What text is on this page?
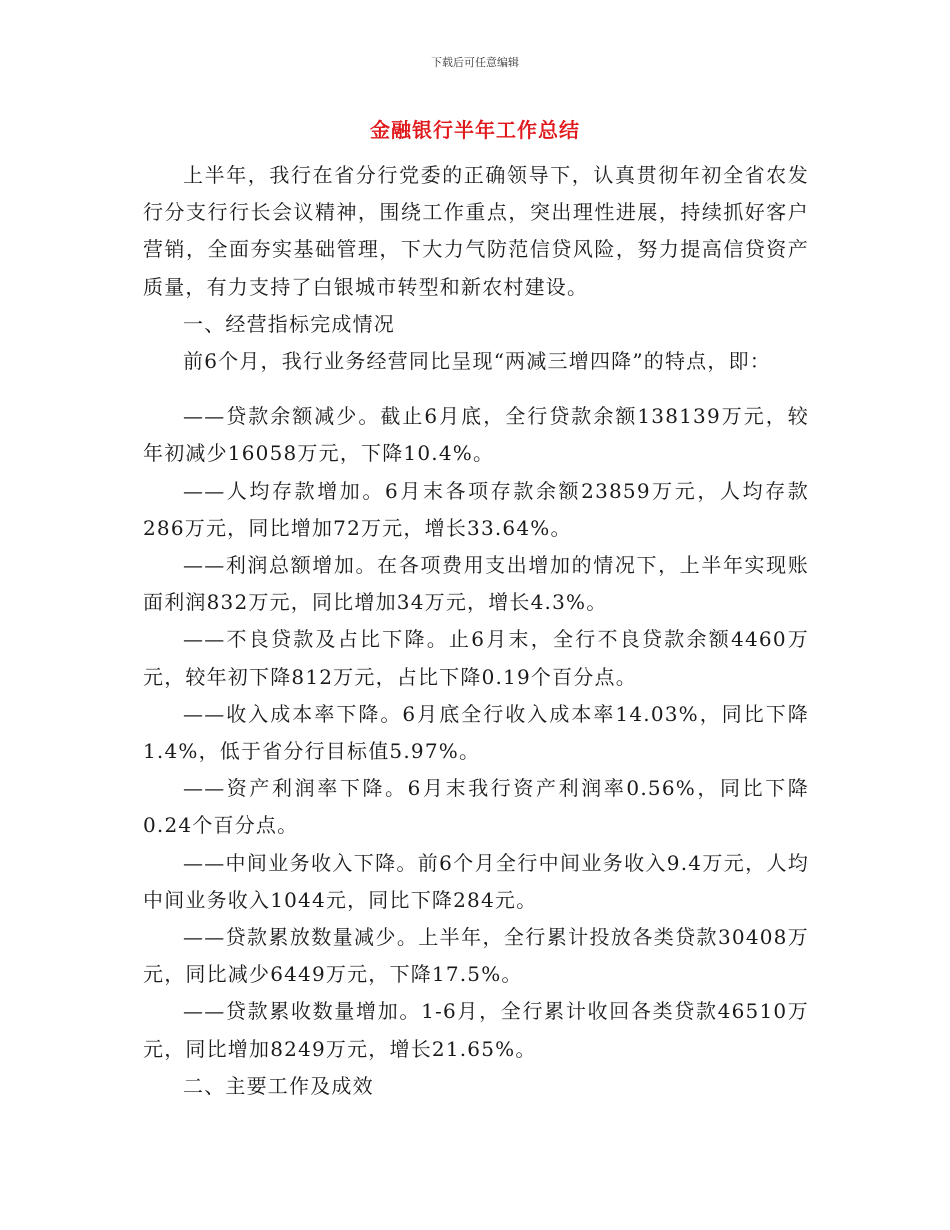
下载后可任意编辑
金融银行半年工作总结

上半年，我行在省分行党委的正确领导下，认真贯彻年初全省农发行分支行行长会议精神，围绕工作重点，突出理性进展，持续抓好客户营销，全面夯实基础管理，下大力气防范信贷风险，努力提高信贷资产质量，有力支持了白银城市转型和新农村建设。

一、经营指标完成情况

前6个月，我行业务经营同比呈现“两减三增四降”的特点，即：

——贷款余额减少。截止6月底，全行贷款余额138139万元，较年初减少16058万元，下降10.4%。

——人均存款增加。6月末各项存款余额23859万元，人均存款286万元，同比增加72万元，增长33.64%。

——利润总额增加。在各项费用支出增加的情况下，上半年实现账面利润832万元，同比增加34万元，增长4.3%。

——不良贷款及占比下降。止6月末，全行不良贷款余额4460万元，较年初下降812万元，占比下降0.19个百分点。

——收入成本率下降。6月底全行收入成本率14.03%，同比下降1.4%，低于省分行目标值5.97%。

——资产利润率下降。6月末我行资产利润率0.56%，同比下降0.24个百分点。

——中间业务收入下降。前6个月全行中间业务收入9.4万元，人均中间业务收入1044元，同比下降284元。

——贷款累放数量减少。上半年，全行累计投放各类贷款30408万元，同比减少6449万元，下降17.5%。

——贷款累收数量增加。1-6月，全行累计收回各类贷款46510万元，同比增加8249万元，增长21.65%。

二、主要工作及成效
